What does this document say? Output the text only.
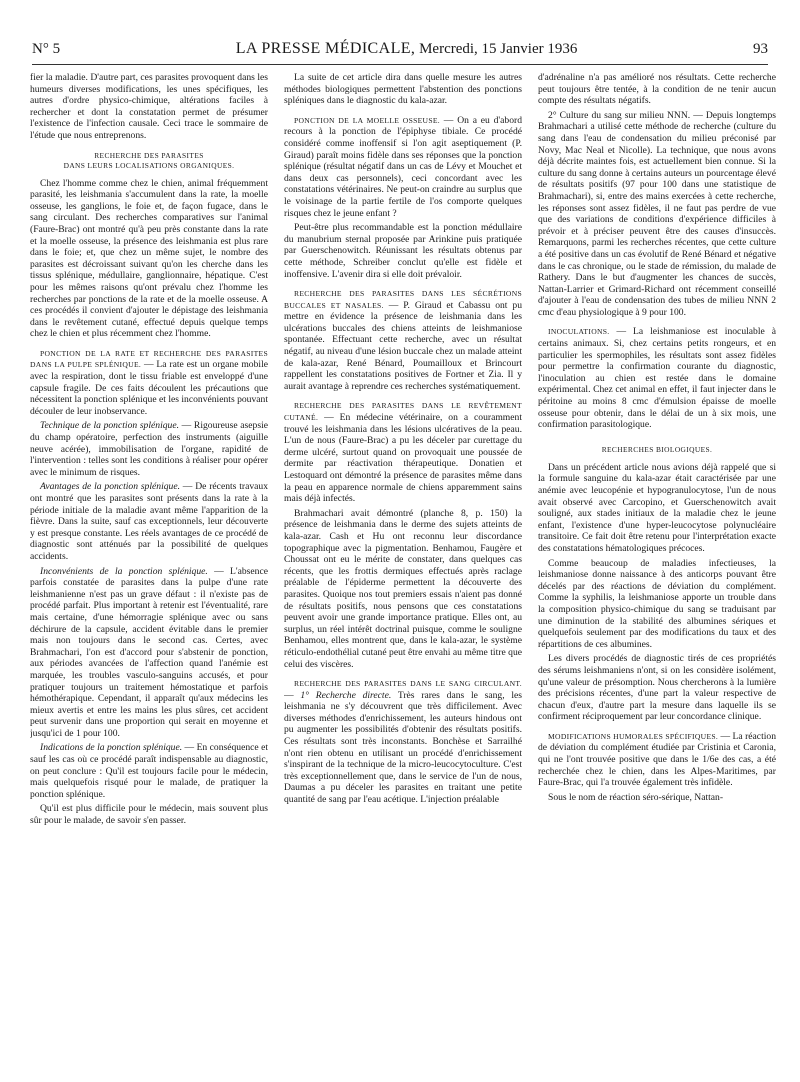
N° 5	LA PRESSE MÉDICALE, Mercredi, 15 Janvier 1936	93

fier la maladie. D'autre part, ces parasites provoquent dans les humeurs diverses modifications, les unes spécifiques, les autres d'ordre physico-chimique, altérations faciles à rechercher et dont la constatation permet de présumer l'existence de l'infection causale. Ceci trace le sommaire de l'étude que nous entreprenons.

RECHERCHE DES PARASITES
DANS LEURS LOCALISATIONS ORGANIQUES.

Chez l'homme comme chez le chien, animal fréquemment parasité, les leishmania s'accumulent dans la rate, la moelle osseuse, les ganglions, le foie et, de façon fugace, dans le sang circulant. Des recherches comparatives sur l'animal (Faure-Brac) ont montré qu'à peu près constante dans la rate et la moelle osseuse, la présence des leishmania est plus rare dans le foie; et, que chez un même sujet, le nombre des parasites est décroissant suivant qu'on les cherche dans les tissus splénique, médullaire, ganglionnaire, hépatique. C'est pour les mêmes raisons qu'ont prévalu chez l'homme les recherches par ponctions de la rate et de la moelle osseuse. A ces procédés il convient d'ajouter le dépistage des leishmania dans le revêtement cutané, effectué depuis quelque temps chez le chien et plus récemment chez l'homme.

PONCTION DE LA RATE ET RECHERCHE DES PARASITES DANS LA PULPE SPLÉNIQUE. — La rate est un organe mobile avec la respiration, dont le tissu friable est enveloppé d'une capsule fragile. De ces faits découlent les précautions que nécessitent la ponction splénique et les inconvénients pouvant découler de leur inobservance.

Technique de la ponction splénique. — Rigoureuse asepsie du champ opératoire, perfection des instruments (aiguille neuve acérée), immobilisation de l'organe, rapidité de l'intervention : telles sont les conditions à réaliser pour opérer avec le minimum de risques.

Avantages de la ponction splénique. — De récents travaux ont montré que les parasites sont présents dans la rate à la période initiale de la maladie avant même l'apparition de la fièvre. Dans la suite, sauf cas exceptionnels, leur découverte y est presque constante. Les réels avantages de ce procédé de diagnostic sont atténués par la possibilité de quelques accidents.

Inconvénients de la ponction splénique. — L'absence parfois constatée de parasites dans la pulpe d'une rate leishmanienne n'est pas un grave défaut : il n'existe pas de procédé parfait. Plus important à retenir est l'éventualité, rare mais certaine, d'une hémorragie splénique avec ou sans déchirure de la capsule, accident évitable dans le premier mais non toujours dans le second cas. Certes, avec Brahmachari, l'on est d'accord pour s'abstenir de ponction, aux périodes avancées de l'affection quand l'anémie est marquée, les troubles vasculo-sanguins accusés, et pour pratiquer toujours un traitement hémostatique et parfois hémothérapique. Cependant, il apparaît qu'aux médecins les mieux avertis et entre les mains les plus sûres, cet accident peut survenir dans une proportion qui serait en moyenne et jusqu'ici de 1 pour 100.

Indications de la ponction splénique. — En conséquence et sauf les cas où ce procédé paraît indispensable au diagnostic, on peut conclure : Qu'il est toujours facile pour le médecin, mais quelquefois risqué pour le malade, de pratiquer la ponction splénique.

Qu'il est plus difficile pour le médecin, mais souvent plus sûr pour le malade, de savoir s'en passer.

La suite de cet article dira dans quelle mesure les autres méthodes biologiques permettent l'abstention des ponctions spléniques dans le diagnostic du kala-azar.

PONCTION DE LA MOELLE OSSEUSE. — On a eu d'abord recours à la ponction de l'épiphyse tibiale. Ce procédé considéré comme inoffensif si l'on agit aseptiquement (P. Giraud) paraît moins fidèle dans ses réponses que la ponction splénique (résultat négatif dans un cas de Lévy et Mouchet et dans deux cas personnels), ceci concordant avec les constatations vétérinaires. Ne peut-on craindre au surplus que le voisinage de la partie fertile de l'os comporte quelques risques chez le jeune enfant ?

Peut-être plus recommandable est la ponction médullaire du manubrium sternal proposée par Arinkine puis pratiquée par Guerschenowitch. Réunissant les résultats obtenus par cette méthode, Schreiber conclut qu'elle est fidèle et inoffensive. L'avenir dira si elle doit prévaloir.

RECHERCHE DES PARASITES DANS LES SÉCRÉTIONS BUCCALES ET NASALES. — P. Giraud et Cabassu ont pu mettre en évidence la présence de leishmania dans les ulcérations buccales des chiens atteints de leishmaniose spontanée. Effectuant cette recherche, avec un résultat négatif, au niveau d'une lésion buccale chez un malade atteint de kala-azar, René Bénard, Poumailloux et Brincourt rappellent les constatations positives de Fortner et Zia. Il y aurait avantage à reprendre ces recherches systématiquement.

RECHERCHE DES PARASITES DANS LE REVÊTEMENT CUTANÉ. — En médecine vétérinaire, on a couramment trouvé les leishmania dans les lésions ulcératives de la peau. L'un de nous (Faure-Brac) a pu les déceler par curettage du derme ulcéré, surtout quand on provoquait une poussée de dermite par réactivation thérapeutique. Donatien et Lestoquard ont démontré la présence de parasites même dans la peau en apparence normale de chiens apparemment sains mais déjà infectés.

Brahmachari avait démontré (planche 8, p. 150) la présence de leishmania dans le derme des sujets atteints de kala-azar. Cash et Hu ont reconnu leur discordance topographique avec la pigmentation. Benhamou, Faugère et Choussat ont eu le mérite de constater, dans quelques cas récents, que les frottis dermiques effectués après raclage préalable de l'épiderme permettent la découverte des parasites. Quoique nos tout premiers essais n'aient pas donné de résultats positifs, nous pensons que ces constatations peuvent avoir une grande importance pratique. Elles ont, au surplus, un réel intérêt doctrinal puisque, comme le souligne Benhamou, elles montrent que, dans le kala-azar, le système réticulo-endothélial cutané peut être envahi au même titre que celui des viscères.

RECHERCHE DES PARASITES DANS LE SANG CIRCULANT. — 1° Recherche directe. Très rares dans le sang, les leishmania ne s'y découvrent que très difficilement. Avec diverses méthodes d'enrichissement, les auteurs hindous ont pu augmenter les possibilités d'obtenir des résultats positifs. Ces résultats sont très inconstants. Bonchèse et Sarrailhé n'ont rien obtenu en utilisant un procédé d'enrichissement s'inspirant de la technique de la micro-leucocytoculture. C'est très exceptionnellement que, dans le service de l'un de nous, Daumas a pu déceler les parasites en traitant une petite quantité de sang par l'eau acétique. L'injection préalable

d'adrénaline n'a pas amélioré nos résultats. Cette recherche peut toujours être tentée, à la condition de ne tenir aucun compte des résultats négatifs.

2° Culture du sang sur milieu NNN. — Depuis longtemps Brahmachari a utilisé cette méthode de recherche (culture du sang dans l'eau de condensation du milieu préconisé par Novy, Mac Neal et Nicolle). La technique, que nous avons déjà décrite maintes fois, est actuellement bien connue. Si la culture du sang donne à certains auteurs un pourcentage élevé de résultats positifs (97 pour 100 dans une statistique de Brahmachari), si, entre des mains exercées à cette recherche, les réponses sont assez fidèles, il ne faut pas perdre de vue que des variations de conditions d'expérience difficiles à prévoir et à préciser peuvent être des causes d'insuccès. Remarquons, parmi les recherches récentes, que cette culture a été positive dans un cas évolutif de René Bénard et négative dans le cas chronique, ou le stade de rémission, du malade de Rathery. Dans le but d'augmenter les chances de succès, Nattan-Larrier et Grimard-Richard ont récemment conseillé d'ajouter à l'eau de condensation des tubes de milieu NNN 2 cmc d'eau physiologique à 9 pour 100.

INOCULATIONS. — La leishmaniose est inoculable à certains animaux. Si, chez certains petits rongeurs, et en particulier les spermophiles, les résultats sont assez fidèles pour permettre la confirmation courante du diagnostic, l'inoculation au chien est restée dans le domaine expérimental. Chez cet animal en effet, il faut injecter dans le péritoine au moins 8 cmc d'émulsion épaisse de moelle osseuse pour obtenir, dans le délai de un à six mois, une confirmation parasitologique.

RECHERCHES BIOLOGIQUES.

Dans un précédent article nous avions déjà rappelé que si la formule sanguine du kala-azar était caractérisée par une anémie avec leucopénie et hypogranulocytose, l'un de nous avait observé avec Carcopino, et Guerschenowitch avait souligné, aux stades initiaux de la maladie chez le jeune enfant, l'existence d'une hyper-leucocytose polynucléaire transitoire. Ce fait doit être retenu pour l'interprétation exacte des constatations hématologiques précoces.

Comme beaucoup de maladies infectieuses, la leishmaniose donne naissance à des anticorps pouvant être décelés par des réactions de déviation du complément. Comme la syphilis, la leishmaniose apporte un trouble dans la composition physico-chimique du sang se traduisant par une diminution de la stabilité des albumines sériques et quelquefois seulement par des modifications du taux et des répartitions de ces albumines.

Les divers procédés de diagnostic tirés de ces propriétés des sérums leishmaniens n'ont, si on les considère isolément, qu'une valeur de présomption. Nous chercherons à la lumière des précisions récentes, d'une part la valeur respective de chacun d'eux, d'autre part la mesure dans laquelle ils se confirment réciproquement par leur concordance clinique.

MODIFICATIONS HUMORALES SPÉCIFIQUES. — La réaction de déviation du complément étudiée par Cristinia et Caronia, qui ne l'ont trouvée positive que dans le 1/6e des cas, a été recherchée chez le chien, dans les Alpes-Maritimes, par Faure-Brac, qui l'a trouvée également très infidèle.

Sous le nom de réaction séro-sérique, Nattan-
